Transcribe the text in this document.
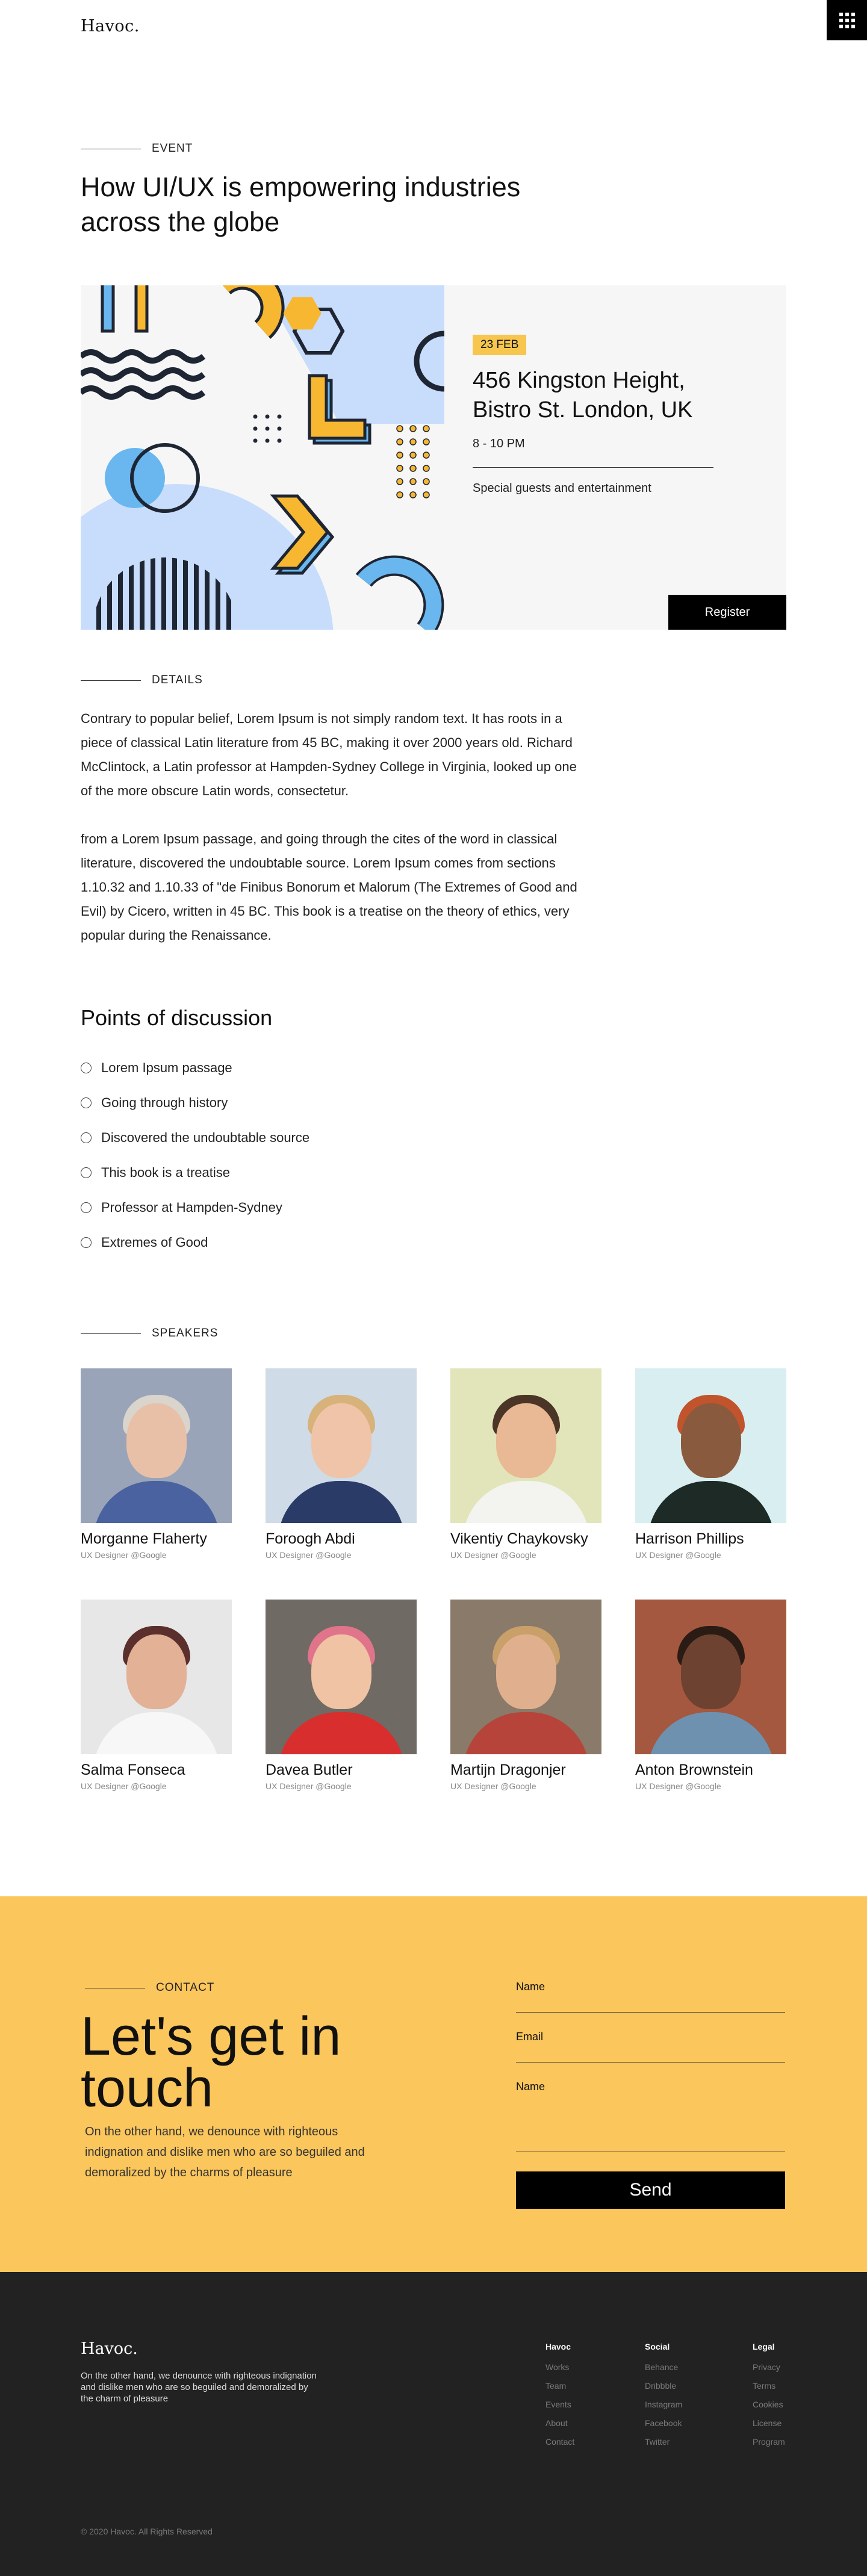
Havoc.
EVENT
How UI/UX is empowering industries across the globe
23 FEB
456 Kingston Height, Bistro St. London, UK
8 - 10 PM
Special guests and entertainment
Register
DETAILS

Contrary to popular belief, Lorem Ipsum is not simply random text. It has roots in a piece of classical Latin literature from 45 BC, making it over 2000 years old. Richard McClintock, a Latin professor at Hampden-Sydney College in Virginia, looked up one of the more obscure Latin words, consectetur.

from a Lorem Ipsum passage, and going through the cites of the word in classical literature, discovered the undoubtable source. Lorem Ipsum comes from sections 1.10.32 and 1.10.33 of "de Finibus Bonorum et Malorum (The Extremes of Good and Evil) by Cicero, written in 45 BC. This book is a treatise on the theory of ethics, very popular during the Renaissance.

Points of discussion
Lorem Ipsum passage
Going through history
Discovered the undoubtable source
This book is a treatise
Professor at Hampden-Sydney
Extremes of Good
SPEAKERS
Morganne Flaherty
UX Designer @Google
Foroogh Abdi
UX Designer @Google
Vikentiy Chaykovsky
UX Designer @Google
Harrison Phillips
UX Designer @Google
Salma Fonseca
UX Designer @Google
Davea Butler
UX Designer @Google
Martijn Dragonjer
UX Designer @Google
Anton Brownstein
UX Designer @Google
CONTACT
Let's get in touch

On the other hand, we denounce with righteous indignation and dislike men who are so beguiled and demoralized by the charms of pleasure

Name
Email
Name
Send
Havoc.

On the other hand, we denounce with righteous indignation and dislike men who are so beguiled and demoralized by the charm of pleasure

Havoc
Works
Team
Events
About
Contact
Social
Behance
Dribbble
Instagram
Facebook
Twitter
Legal
Privacy
Terms
Cookies
License
Program
© 2020 Havoc. All Rights Reserved
